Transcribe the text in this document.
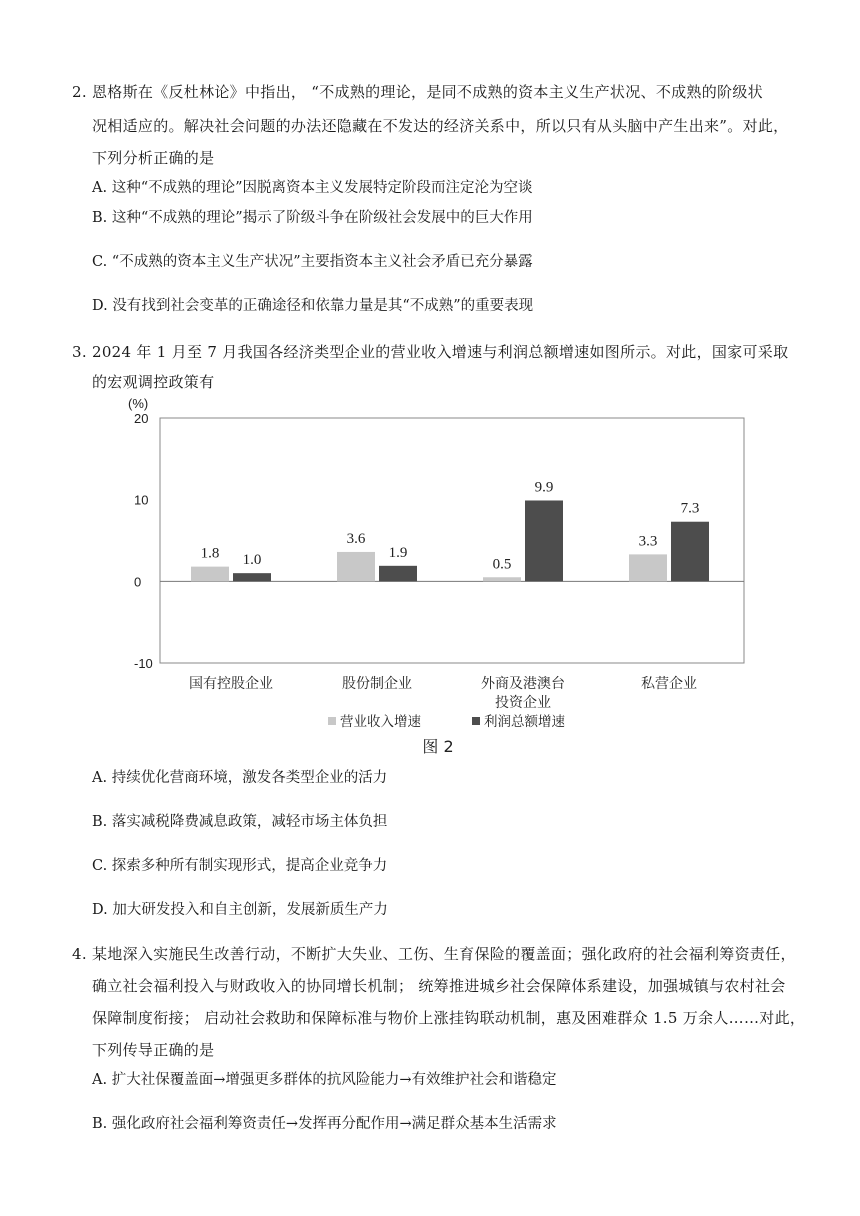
2. 恩格斯在《反杜林论》中指出， “不成熟的理论，是同不成熟的资本主义生产状况、不成熟的阶级状
况相适应的。解决社会问题的办法还隐藏在不发达的经济关系中，所以只有从头脑中产生出来”。对此，
下列分析正确的是
A. 这种“不成熟的理论”因脱离资本主义发展特定阶段而注定沦为空谈
B. 这种“不成熟的理论”揭示了阶级斗争在阶级社会发展中的巨大作用
C. “不成熟的资本主义生产状况”主要指资本主义社会矛盾已充分暴露
D. 没有找到社会变革的正确途径和依靠力量是其“不成熟”的重要表现
3. 2024 年 1 月至 7 月我国各经济类型企业的营业收入增速与利润总额增速如图所示。对此，国家可采取
的宏观调控政策有
(%)
20
10
0
-10
1.8 1.0
3.6
1.9
0.5
9.9
3.3
7.3
国有控股企业	股份制企业	外商及港澳台
投资企业
私营企业
营业收入增速	利润总额增速
图 2
A. 持续优化营商环境，激发各类型企业的活力
B. 落实减税降费减息政策，减轻市场主体负担
C. 探索多种所有制实现形式，提高企业竞争力
D. 加大研发投入和自主创新，发展新质生产力
4. 某地深入实施民生改善行动，不断扩大失业、工伤、生育保险的覆盖面；强化政府的社会福利筹资责任，
确立社会福利投入与财政收入的协同增长机制； 统筹推进城乡社会保障体系建设，加强城镇与农村社会
保障制度衔接； 启动社会救助和保障标准与物价上涨挂钩联动机制，惠及困难群众 1.5 万余人……对此，
下列传导正确的是
A. 扩大社保覆盖面→增强更多群体的抗风险能力→有效维护社会和谐稳定
B. 强化政府社会福利筹资责任→发挥再分配作用→满足群众基本生活需求
